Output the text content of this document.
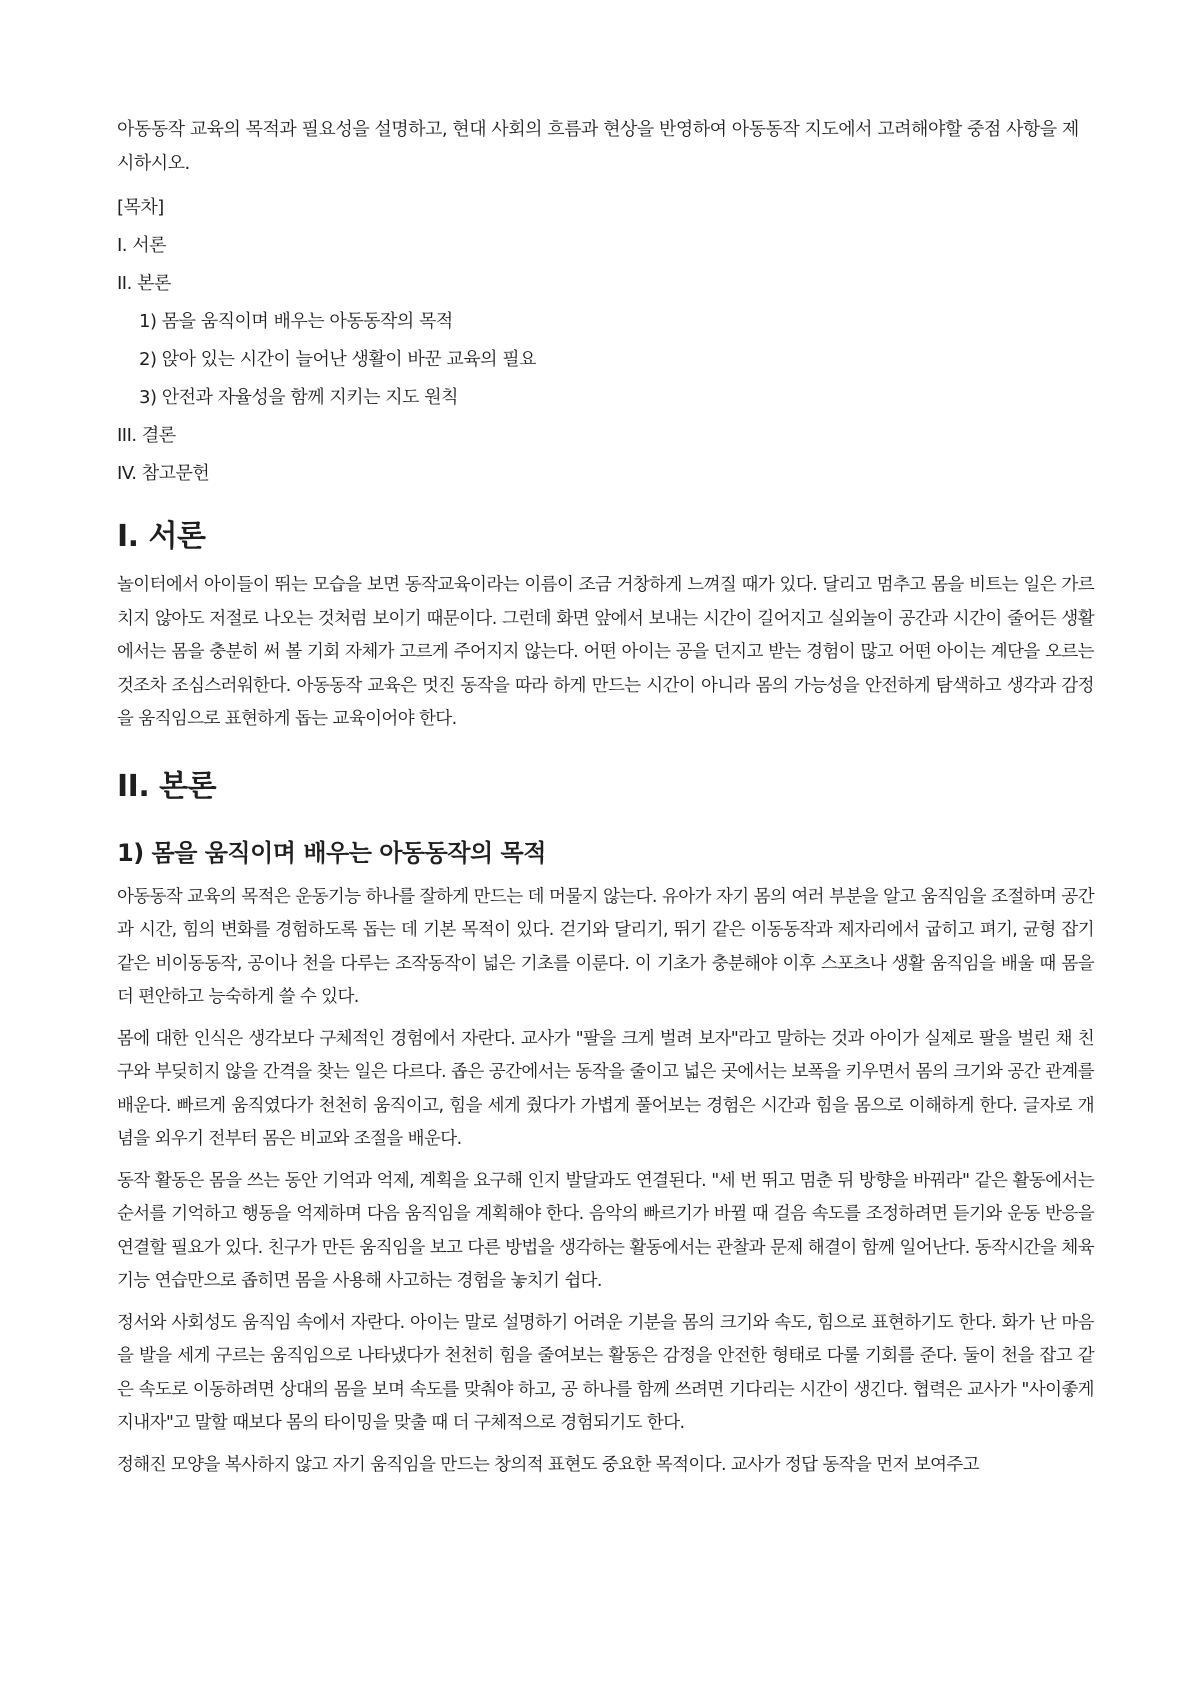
아동동작 교육의 목적과 필요성을 설명하고, 현대 사회의 흐름과 현상을 반영하여 아동동작 지도에서 고려해야할 중점 사항을 제시하시오.

[목차]
I. 서론
II. 본론
1) 몸을 움직이며 배우는 아동동작의 목적
2) 앉아 있는 시간이 늘어난 생활이 바꾼 교육의 필요
3) 안전과 자율성을 함께 지키는 지도 원칙
III. 결론
IV. 참고문헌
I. 서론

놀이터에서 아이들이 뛰는 모습을 보면 동작교육이라는 이름이 조금 거창하게 느껴질 때가 있다. 달리고 멈추고 몸을 비트는 일은 가르치지 않아도 저절로 나오는 것처럼 보이기 때문이다. 그런데 화면 앞에서 보내는 시간이 길어지고 실외놀이 공간과 시간이 줄어든 생활에서는 몸을 충분히 써 볼 기회 자체가 고르게 주어지지 않는다. 어떤 아이는 공을 던지고 받는 경험이 많고 어떤 아이는 계단을 오르는 것조차 조심스러워한다. 아동동작 교육은 멋진 동작을 따라 하게 만드는 시간이 아니라 몸의 가능성을 안전하게 탐색하고 생각과 감정을 움직임으로 표현하게 돕는 교육이어야 한다.

II. 본론
1) 몸을 움직이며 배우는 아동동작의 목적

아동동작 교육의 목적은 운동기능 하나를 잘하게 만드는 데 머물지 않는다. 유아가 자기 몸의 여러 부분을 알고 움직임을 조절하며 공간과 시간, 힘의 변화를 경험하도록 돕는 데 기본 목적이 있다. 걷기와 달리기, 뛰기 같은 이동동작과 제자리에서 굽히고 펴기, 균형 잡기 같은 비이동동작, 공이나 천을 다루는 조작동작이 넓은 기초를 이룬다. 이 기초가 충분해야 이후 스포츠나 생활 움직임을 배울 때 몸을 더 편안하고 능숙하게 쓸 수 있다.

몸에 대한 인식은 생각보다 구체적인 경험에서 자란다. 교사가 "팔을 크게 벌려 보자"라고 말하는 것과 아이가 실제로 팔을 벌린 채 친구와 부딪히지 않을 간격을 찾는 일은 다르다. 좁은 공간에서는 동작을 줄이고 넓은 곳에서는 보폭을 키우면서 몸의 크기와 공간 관계를 배운다. 빠르게 움직였다가 천천히 움직이고, 힘을 세게 줬다가 가볍게 풀어보는 경험은 시간과 힘을 몸으로 이해하게 한다. 글자로 개념을 외우기 전부터 몸은 비교와 조절을 배운다.

동작 활동은 몸을 쓰는 동안 기억과 억제, 계획을 요구해 인지 발달과도 연결된다. "세 번 뛰고 멈춘 뒤 방향을 바꿔라" 같은 활동에서는 순서를 기억하고 행동을 억제하며 다음 움직임을 계획해야 한다. 음악의 빠르기가 바뀔 때 걸음 속도를 조정하려면 듣기와 운동 반응을 연결할 필요가 있다. 친구가 만든 움직임을 보고 다른 방법을 생각하는 활동에서는 관찰과 문제 해결이 함께 일어난다. 동작시간을 체육 기능 연습만으로 좁히면 몸을 사용해 사고하는 경험을 놓치기 쉽다.

정서와 사회성도 움직임 속에서 자란다. 아이는 말로 설명하기 어려운 기분을 몸의 크기와 속도, 힘으로 표현하기도 한다. 화가 난 마음을 발을 세게 구르는 움직임으로 나타냈다가 천천히 힘을 줄여보는 활동은 감정을 안전한 형태로 다룰 기회를 준다. 둘이 천을 잡고 같은 속도로 이동하려면 상대의 몸을 보며 속도를 맞춰야 하고, 공 하나를 함께 쓰려면 기다리는 시간이 생긴다. 협력은 교사가 "사이좋게 지내자"고 말할 때보다 몸의 타이밍을 맞출 때 더 구체적으로 경험되기도 한다.

정해진 모양을 복사하지 않고 자기 움직임을 만드는 창의적 표현도 중요한 목적이다. 교사가 정답 동작을 먼저 보여주고
